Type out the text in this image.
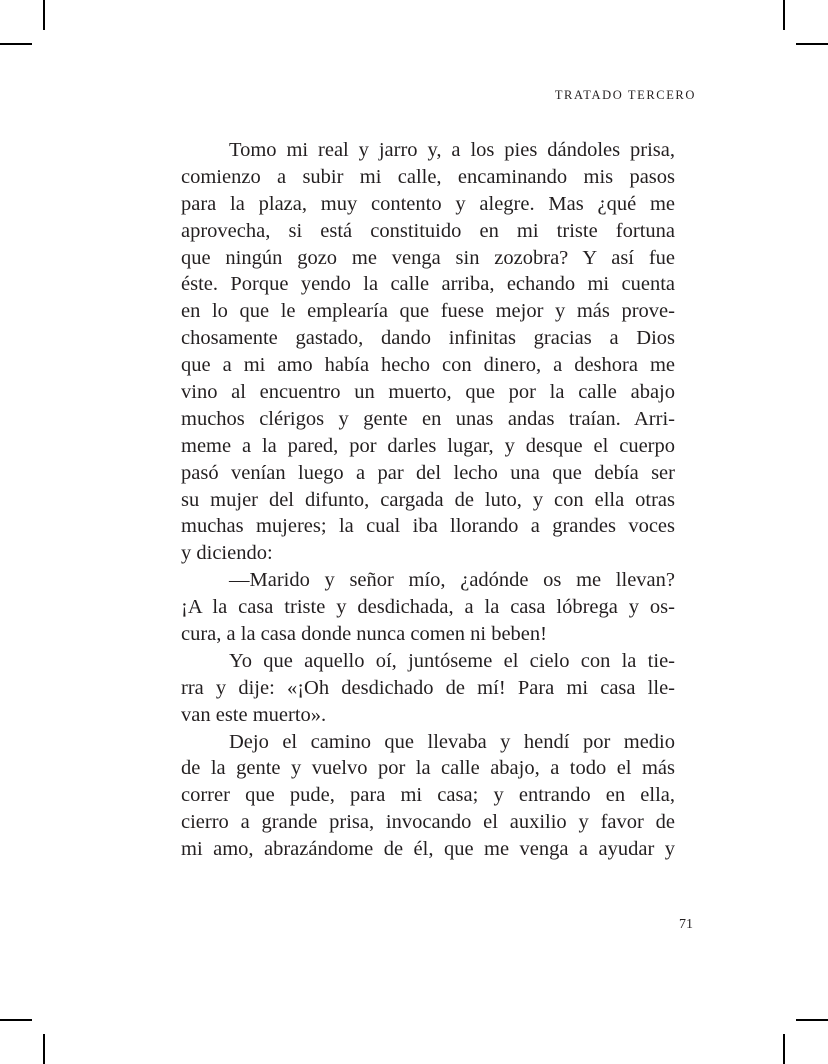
TRATADO TERCERO
Tomo mi real y jarro y, a los pies dándoles prisa,
comienzo a subir mi calle, encaminando mis pasos
para la plaza, muy contento y alegre. Mas ¿qué me
aprovecha, si está constituido en mi triste fortuna
que ningún gozo me venga sin zozobra? Y así fue
éste. Porque yendo la calle arriba, echando mi cuenta
en lo que le emplearía que fuese mejor y más prove-
chosamente gastado, dando infinitas gracias a Dios
que a mi amo había hecho con dinero, a deshora me
vino al encuentro un muerto, que por la calle abajo
muchos clérigos y gente en unas andas traían. Arri-
meme a la pared, por darles lugar, y desque el cuerpo
pasó venían luego a par del lecho una que debía ser
su mujer del difunto, cargada de luto, y con ella otras
muchas mujeres; la cual iba llorando a grandes voces
y diciendo:
—Marido y señor mío, ¿adónde os me llevan?
¡A la casa triste y desdichada, a la casa lóbrega y os-
cura, a la casa donde nunca comen ni beben!
Yo que aquello oí, juntóseme el cielo con la tie-
rra y dije: «¡Oh desdichado de mí! Para mi casa lle-
van este muerto».
Dejo el camino que llevaba y hendí por medio
de la gente y vuelvo por la calle abajo, a todo el más
correr que pude, para mi casa; y entrando en ella,
cierro a grande prisa, invocando el auxilio y favor de
mi amo, abrazándome de él, que me venga a ayudar y
71
